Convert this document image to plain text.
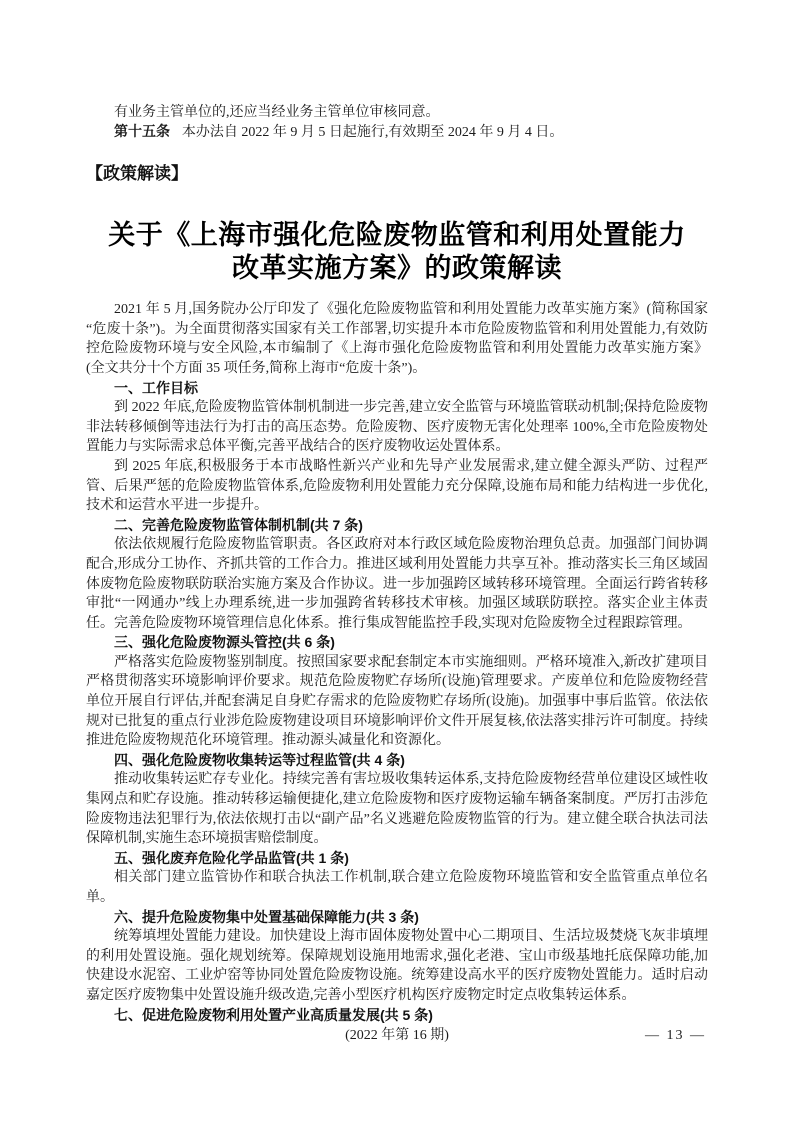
有业务主管单位的,还应当经业务主管单位审核同意。

第十五条 本办法自 2022 年 9 月 5 日起施行,有效期至 2024 年 9 月 4 日。

【政策解读】
关于《上海市强化危险废物监管和利用处置能力
改革实施方案》的政策解读

2021 年 5 月,国务院办公厅印发了《强化危险废物监管和利用处置能力改革实施方案》(简称国家“危废十条”)。为全面贯彻落实国家有关工作部署,切实提升本市危险废物监管和利用处置能力,有效防控危险废物环境与安全风险,本市编制了《上海市强化危险废物监管和利用处置能力改革实施方案》(全文共分十个方面 35 项任务,简称上海市“危废十条”)。

一、工作目标

到 2022 年底,危险废物监管体制机制进一步完善,建立安全监管与环境监管联动机制;保持危险废物非法转移倾倒等违法行为打击的高压态势。危险废物、医疗废物无害化处理率 100%,全市危险废物处置能力与实际需求总体平衡,完善平战结合的医疗废物收运处置体系。

到 2025 年底,积极服务于本市战略性新兴产业和先导产业发展需求,建立健全源头严防、过程严管、后果严惩的危险废物监管体系,危险废物利用处置能力充分保障,设施布局和能力结构进一步优化,技术和运营水平进一步提升。

二、完善危险废物监管体制机制(共 7 条)

依法依规履行危险废物监管职责。各区政府对本行政区域危险废物治理负总责。加强部门间协调配合,形成分工协作、齐抓共管的工作合力。推进区域利用处置能力共享互补。推动落实长三角区域固体废物危险废物联防联治实施方案及合作协议。进一步加强跨区域转移环境管理。全面运行跨省转移审批“一网通办”线上办理系统,进一步加强跨省转移技术审核。加强区域联防联控。落实企业主体责任。完善危险废物环境管理信息化体系。推行集成智能监控手段,实现对危险废物全过程跟踪管理。

三、强化危险废物源头管控(共 6 条)

严格落实危险废物鉴别制度。按照国家要求配套制定本市实施细则。严格环境准入,新改扩建项目严格贯彻落实环境影响评价要求。规范危险废物贮存场所(设施)管理要求。产废单位和危险废物经营单位开展自行评估,并配套满足自身贮存需求的危险废物贮存场所(设施)。加强事中事后监管。依法依规对已批复的重点行业涉危险废物建设项目环境影响评价文件开展复核,依法落实排污许可制度。持续推进危险废物规范化环境管理。推动源头减量化和资源化。

四、强化危险废物收集转运等过程监管(共 4 条)

推动收集转运贮存专业化。持续完善有害垃圾收集转运体系,支持危险废物经营单位建设区域性收集网点和贮存设施。推动转移运输便捷化,建立危险废物和医疗废物运输车辆备案制度。严厉打击涉危险废物违法犯罪行为,依法依规打击以“副产品”名义逃避危险废物监管的行为。建立健全联合执法司法保障机制,实施生态环境损害赔偿制度。

五、强化废弃危险化学品监管(共 1 条)

相关部门建立监管协作和联合执法工作机制,联合建立危险废物环境监管和安全监管重点单位名单。

六、提升危险废物集中处置基础保障能力(共 3 条)

统筹填埋处置能力建设。加快建设上海市固体废物处置中心二期项目、生活垃圾焚烧飞灰非填埋的利用处置设施。强化规划统筹。保障规划设施用地需求,强化老港、宝山市级基地托底保障功能,加快建设水泥窑、工业炉窑等协同处置危险废物设施。统筹建设高水平的医疗废物处置能力。适时启动嘉定医疗废物集中处置设施升级改造,完善小型医疗机构医疗废物定时定点收集转运体系。

七、促进危险废物利用处置产业高质量发展(共 5 条)
(2022 年第 16 期)	— 13 —
